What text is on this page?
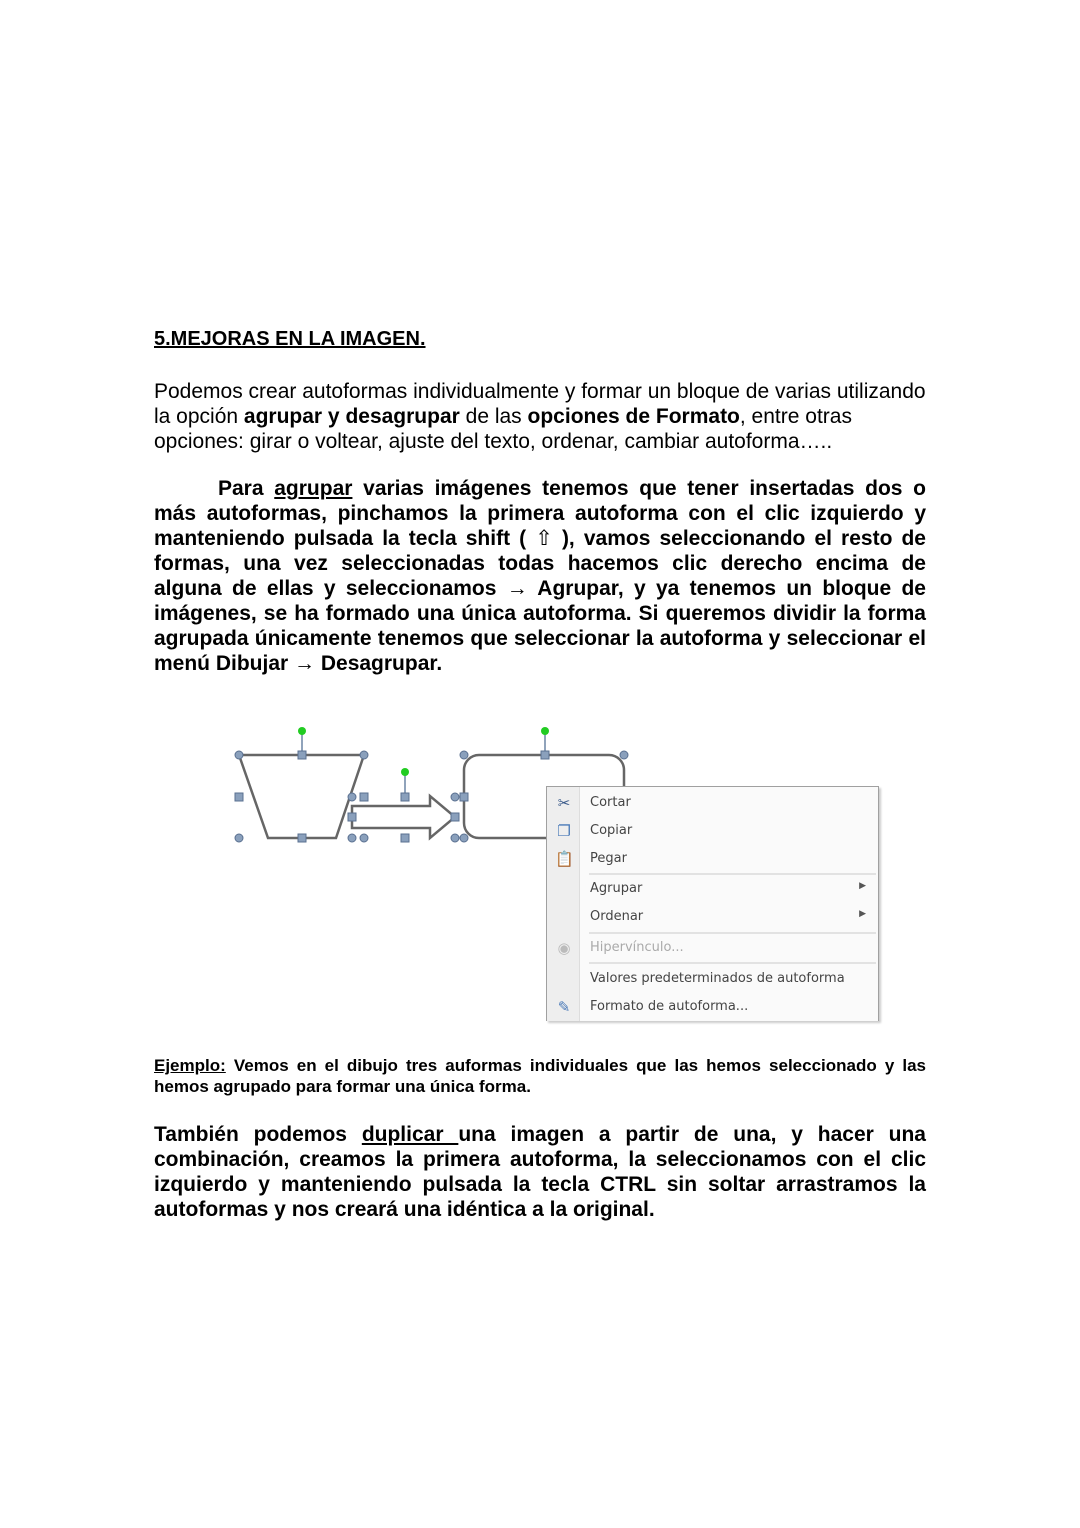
5.MEJORAS EN LA IMAGEN.
Podemos crear autoformas individualmente y formar un bloque de varias utilizando la opción agrupar y desagrupar de las opciones de Formato, entre otras opciones: girar o voltear, ajuste del texto, ordenar, cambiar autoforma…..
Para agrupar varias imágenes tenemos que tener insertadas dos o más autoformas, pinchamos la primera autoforma con el clic izquierdo y manteniendo pulsada la tecla shift ( ⇧ ), vamos seleccionando el resto de formas, una vez seleccionadas todas hacemos clic derecho encima de alguna de ellas y seleccionamos → Agrupar, y ya tenemos un bloque de imágenes, se ha formado una única autoforma. Si queremos dividir la forma agrupada únicamente tenemos que seleccionar la autoforma y seleccionar el menú Dibujar → Desagrupar.
✂ Cortar
❐ Copiar
📋 Pegar
Agrupar	▶
Ordenar	▶
◉ Hipervínculo...
Valores predeterminados de autoforma
✎ Formato de autoforma...
Ejemplo: Vemos en el dibujo tres auformas individuales que las hemos seleccionado y las hemos agrupado para formar una única forma.
También podemos duplicar una imagen a partir de una, y hacer una combinación, creamos la primera autoforma, la seleccionamos con el clic izquierdo y manteniendo pulsada la tecla CTRL sin soltar arrastramos la autoformas y nos creará una idéntica a la original.
